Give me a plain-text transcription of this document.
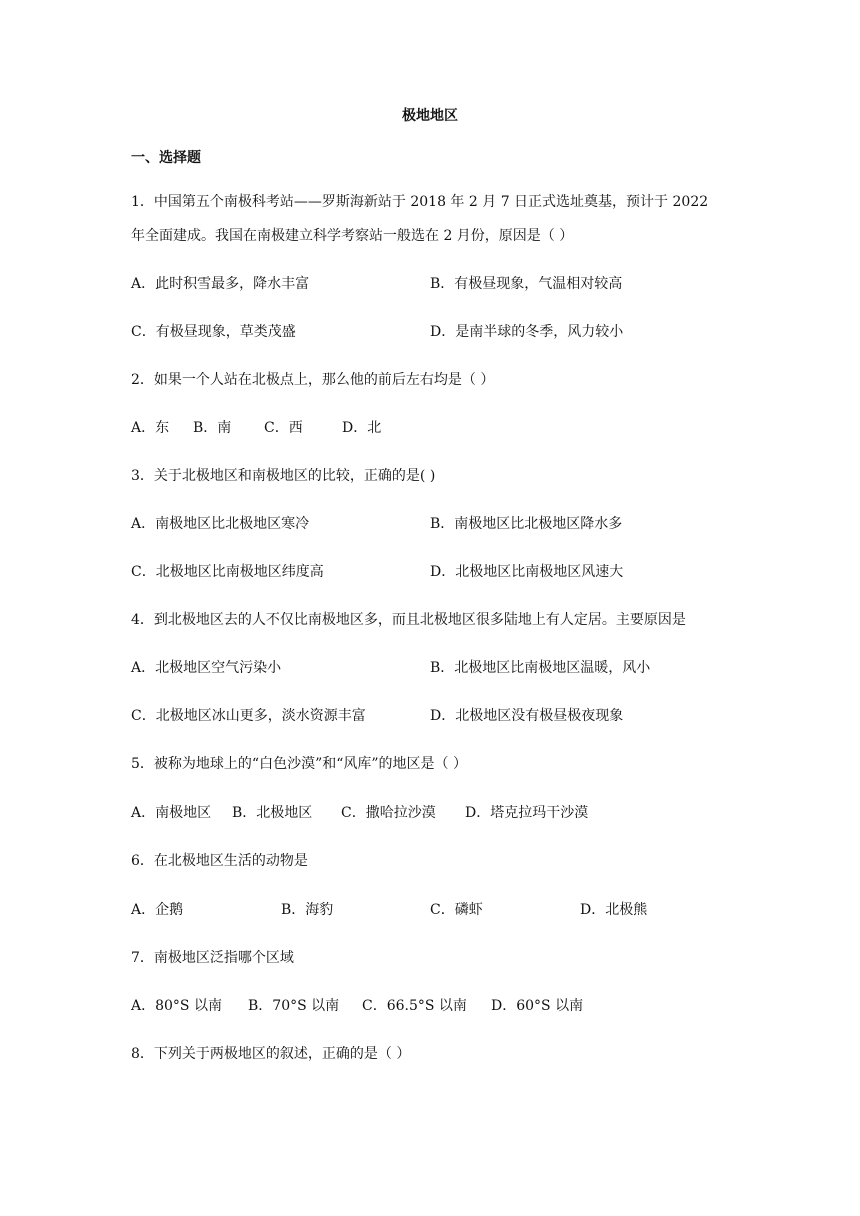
极地地区
一、选择题
1．中国第五个南极科考站——罗斯海新站于 2018 年 2 月 7 日正式选址奠基，预计于 2022
年全面建成。我国在南极建立科学考察站一般选在 2 月份，原因是（ ）
A．此时积雪最多，降水丰富	B．有极昼现象，气温相对较高
C．有极昼现象，草类茂盛	D．是南半球的冬季，风力较小
2．如果一个人站在北极点上，那么他的前后左右均是（ ）
A．东 B．南 C．西	D．北
3．关于北极地区和南极地区的比较，正确的是( )
A．南极地区比北极地区寒冷	B．南极地区比北极地区降水多
C．北极地区比南极地区纬度高	D．北极地区比南极地区风速大
4．到北极地区去的人不仅比南极地区多，而且北极地区很多陆地上有人定居。主要原因是
A．北极地区空气污染小	B．北极地区比南极地区温暖，风小
C．北极地区冰山更多，淡水资源丰富	D．北极地区没有极昼极夜现象
5．被称为地球上的“白色沙漠”和“风库”的地区是（ ）
A．南极地区 B．北极地区 C．撒哈拉沙漠 D．塔克拉玛干沙漠
6．在北极地区生活的动物是
A．企鹅	B．海豹	C．磷虾	D．北极熊
7．南极地区泛指哪个区域
A．80°S 以南 B．70°S 以南 C．66.5°S 以南 D．60°S 以南
8．下列关于两极地区的叙述，正确的是（ ）
